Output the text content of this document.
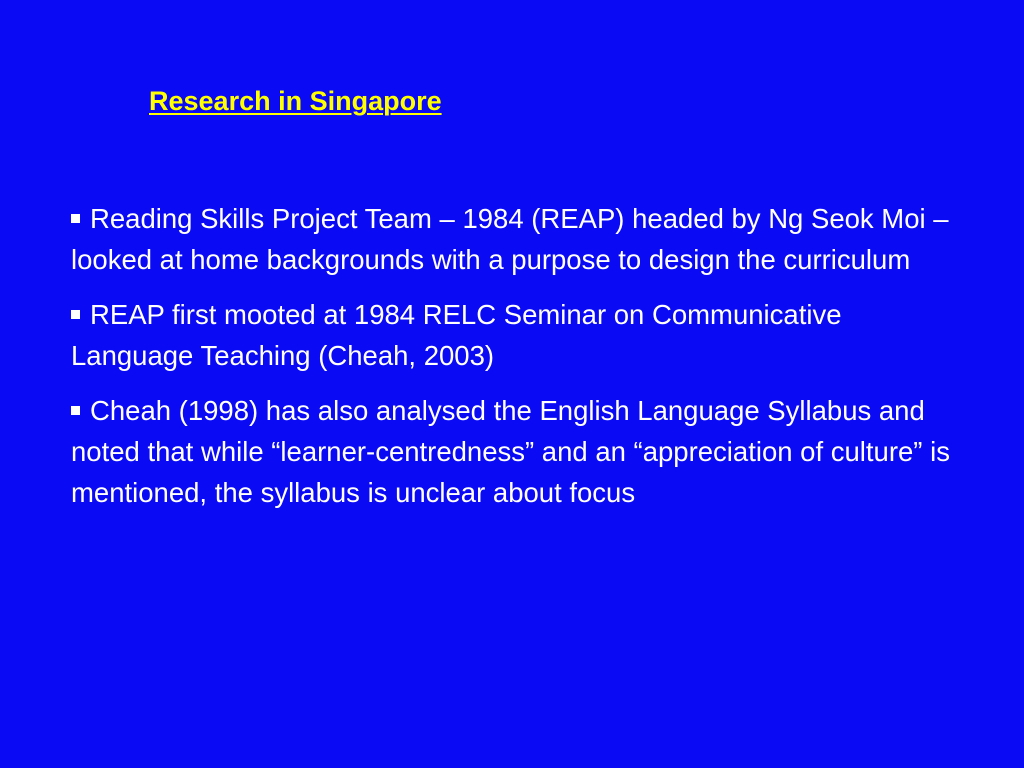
Research in Singapore
Reading Skills Project Team – 1984 (REAP) headed by Ng Seok Moi – looked at home backgrounds with a purpose to design the curriculum
REAP first mooted at 1984 RELC Seminar on Communicative Language Teaching (Cheah, 2003)
Cheah (1998) has also analysed the English Language Syllabus and noted that while “learner-centredness” and an “appreciation of culture” is mentioned, the syllabus is unclear about focus
